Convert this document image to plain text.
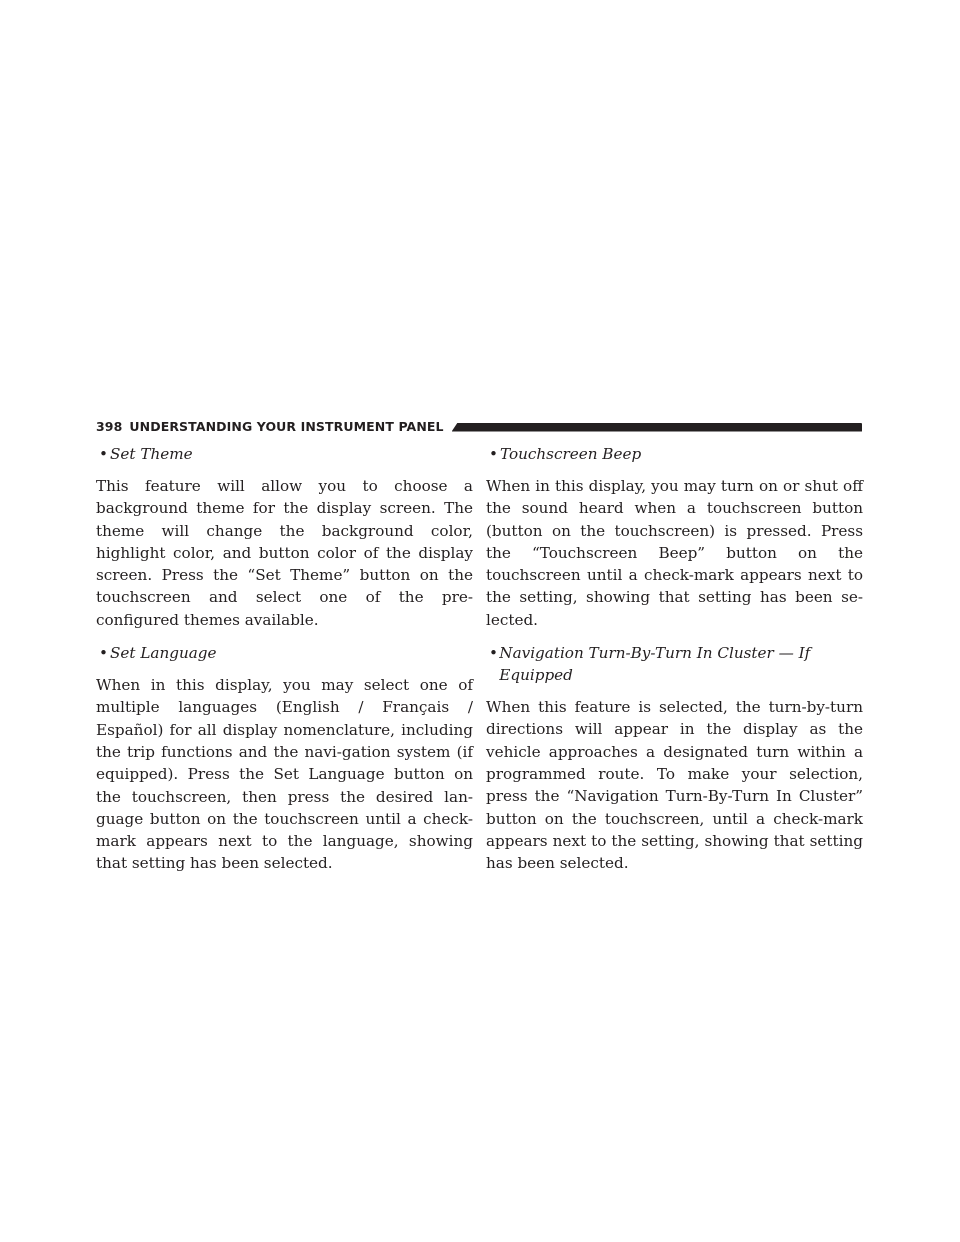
398 UNDERSTANDING YOUR INSTRUMENT PANEL
• Set Theme

This feature will allow you to choose a background theme for the display screen. The theme will change the background color, highlight color, and button color of the display screen. Press the “Set Theme” button on the touchscreen and select one of the pre-configured themes available.

• Set Language

When in this display, you may select one of multiple languages (English / Français / Español) for all display nomenclature, including the trip functions and the navi-gation system (if equipped). Press the Set Language button on the touchscreen, then press the desired lan-guage button on the touchscreen until a check-mark appears next to the language, showing that setting has been selected.

• Touchscreen Beep

When in this display, you may turn on or shut off the sound heard when a touchscreen button (button on the touchscreen) is pressed. Press the “Touchscreen Beep” button on the touchscreen until a check-mark appears next to the setting, showing that setting has been se-lected.

• Navigation Turn-By-Turn In Cluster — If Equipped

When this feature is selected, the turn-by-turn directions will appear in the display as the vehicle approaches a designated turn within a programmed route. To make your selection, press the “Navigation Turn-By-Turn In Cluster” button on the touchscreen, until a check-mark appears next to the setting, showing that setting has been selected.
